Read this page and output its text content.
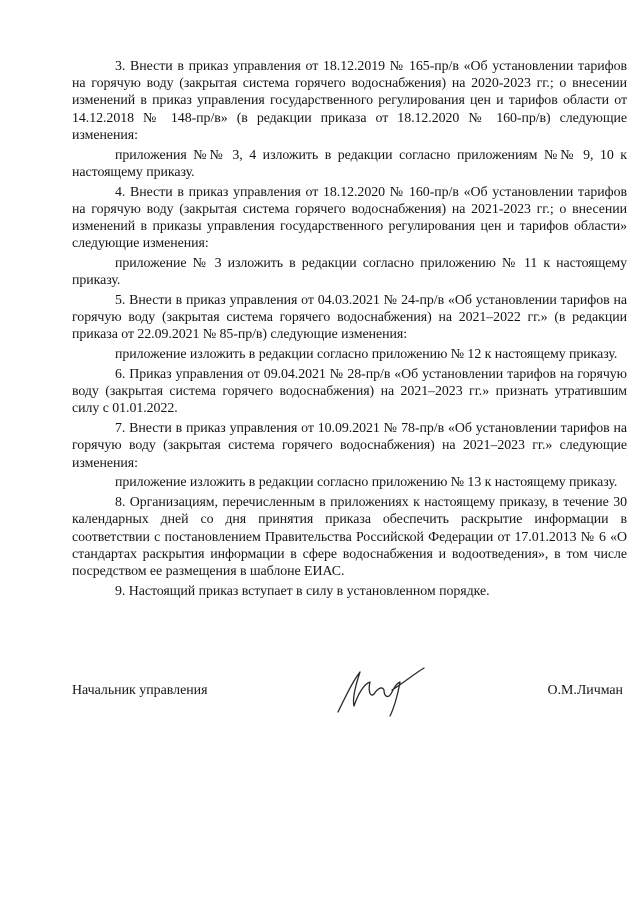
3. Внести в приказ управления от 18.12.2019 № 165-пр/в «Об установлении тарифов на горячую воду (закрытая система горячего водоснабжения) на 2020-2023 гг.; о внесении изменений в приказ управления государственного регулирования цен и тарифов области от 14.12.2018 № 148-пр/в» (в редакции приказа от 18.12.2020 № 160-пр/в) следующие изменения:

приложения №№ 3, 4 изложить в редакции согласно приложениям №№ 9, 10 к настоящему приказу.

4. Внести в приказ управления от 18.12.2020 № 160-пр/в «Об установлении тарифов на горячую воду (закрытая система горячего водоснабжения) на 2021-2023 гг.; о внесении изменений в приказы управления государственного регулирования цен и тарифов области» следующие изменения:

приложение № 3 изложить в редакции согласно приложению № 11 к настоящему приказу.

5. Внести в приказ управления от 04.03.2021 № 24-пр/в «Об установлении тарифов на горячую воду (закрытая система горячего водоснабжения) на 2021–2022 гг.» (в редакции приказа от 22.09.2021 № 85-пр/в) следующие изменения:

приложение изложить в редакции согласно приложению № 12 к настоящему приказу.

6. Приказ управления от 09.04.2021 № 28-пр/в «Об установлении тарифов на горячую воду (закрытая система горячего водоснабжения) на 2021–2023 гг.» признать утратившим силу с 01.01.2022.

7. Внести в приказ управления от 10.09.2021 № 78-пр/в «Об установлении тарифов на горячую воду (закрытая система горячего водоснабжения) на 2021–2023 гг.» следующие изменения:

приложение изложить в редакции согласно приложению № 13 к настоящему приказу.

8. Организациям, перечисленным в приложениях к настоящему приказу, в течение 30 календарных дней со дня принятия приказа обеспечить раскрытие информации в соответствии с постановлением Правительства Российской Федерации от 17.01.2013 № 6 «О стандартах раскрытия информации в сфере водоснабжения и водоотведения», в том числе посредством ее размещения в шаблоне ЕИАС.

9. Настоящий приказ вступает в силу в установленном порядке.

Начальник управления	О.М.Личман
